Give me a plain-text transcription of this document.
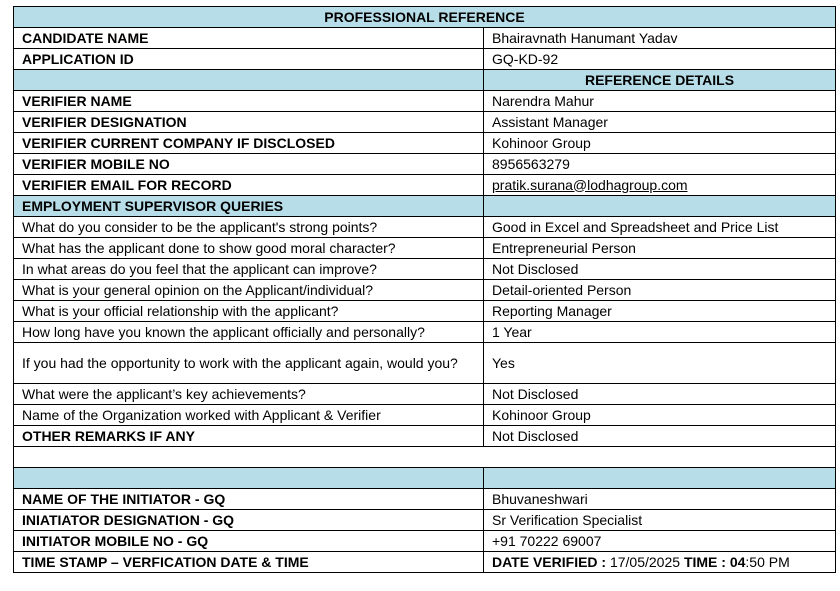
PROFESSIONAL REFERENCE	
CANDIDATE NAME	Bhairavnath Hanumant Yadav
APPLICATION ID	GQ-KD-92
	REFERENCE DETAILS
VERIFIER NAME	Narendra Mahur
VERIFIER DESIGNATION	Assistant Manager
VERIFIER CURRENT COMPANY IF DISCLOSED	Kohinoor Group
VERIFIER MOBILE NO	8956563279
VERIFIER EMAIL FOR RECORD	pratik.surana@lodhagroup.com
EMPLOYMENT SUPERVISOR QUERIES	
What do you consider to be the applicant's strong points?	Good in Excel and Spreadsheet and Price List
What has the applicant done to show good moral character?	Entrepreneurial Person
In what areas do you feel that the applicant can improve?	Not Disclosed
What is your general opinion on the Applicant/individual?	Detail-oriented Person
What is your official relationship with the applicant?	Reporting Manager
How long have you known the applicant officially and personally?	1 Year
If you had the opportunity to work with the applicant again, would you?	Yes
What were the applicant’s key achievements?	Not Disclosed
Name of the Organization worked with Applicant & Verifier	Kohinoor Group
OTHER REMARKS IF ANY	Not Disclosed

NAME OF THE INITIATOR - GQ	Bhuvaneshwari
INIATIATOR DESIGNATION - GQ	Sr Verification Specialist
INITIATOR MOBILE NO - GQ	+91 70222 69007
TIME STAMP – VERFICATION DATE & TIME	DATE VERIFIED : 17/05/2025 TIME : 04:50 PM
